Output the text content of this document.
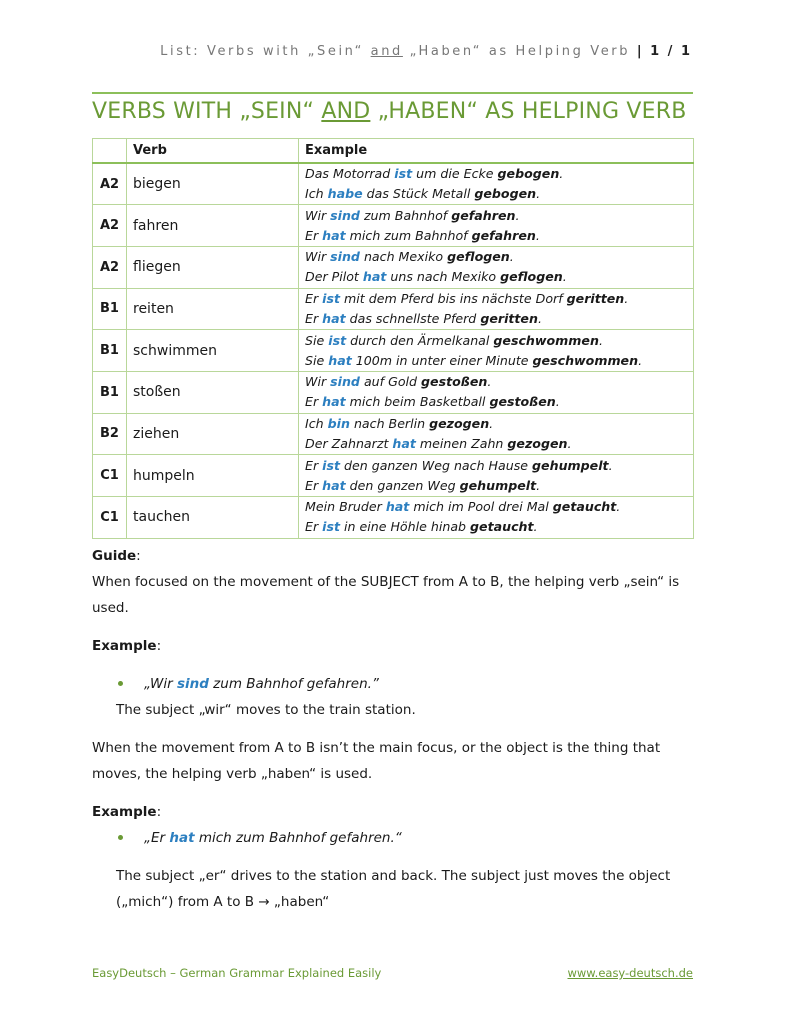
List: Verbs with „Sein“ and „Haben“ as Helping Verb | 1 / 1
VERBS WITH „SEIN“ AND „HABEN“ AS HELPING VERB
	Verb	Example
A2	biegen	Das Motorrad ist um die Ecke gebogen.
Ich habe das Stück Metall gebogen.

A2	fahren	Wir sind zum Bahnhof gefahren.
Er hat mich zum Bahnhof gefahren.

A2	fliegen	Wir sind nach Mexiko geflogen.
Der Pilot hat uns nach Mexiko geflogen.

B1	reiten	Er ist mit dem Pferd bis ins nächste Dorf geritten.
Er hat das schnellste Pferd geritten.

B1	schwimmen	Sie ist durch den Ärmelkanal geschwommen.
Sie hat 100m in unter einer Minute geschwommen.

B1	stoßen	Wir sind auf Gold gestoßen.
Er hat mich beim Basketball gestoßen.

B2	ziehen	Ich bin nach Berlin gezogen.
Der Zahnarzt hat meinen Zahn gezogen.

C1	humpeln	Er ist den ganzen Weg nach Hause gehumpelt.
Er hat den ganzen Weg gehumpelt.

C1	tauchen	Mein Bruder hat mich im Pool drei Mal getaucht.
Er ist in eine Höhle hinab getaucht.

Guide:

When focused on the movement of the SUBJECT from A to B, the helping verb „sein“ is used.

Example:

„Wir sind zum Bahnhof gefahren.”

The subject „wir“ moves to the train station.

When the movement from A to B isn’t the main focus, or the object is the thing that moves, the helping verb „haben“ is used.

Example:

„Er hat mich zum Bahnhof gefahren.“

The subject „er“ drives to the station and back. The subject just moves the object („mich“) from A to B → „haben“

EasyDeutsch – German Grammar Explained Easily	www.easy-deutsch.de
